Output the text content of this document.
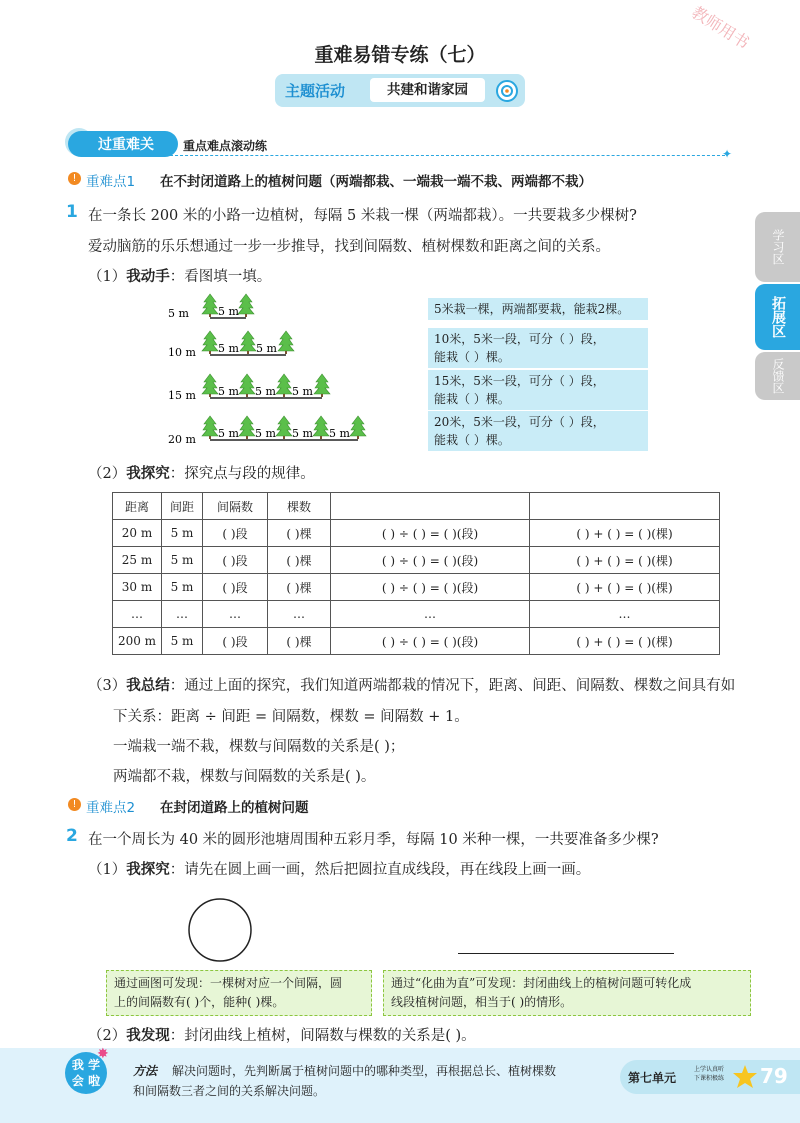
教师用书
重难易错专练（七）
主题活动	共建和谐家园
过重难关 重点难点滚动练
✦
学习区
拓展区
反馈区
! 重难点1 在不封闭道路上的植树问题（两端都栽、一端栽一端不栽、两端都不栽）
1 在一条长 200 米的小路一边植树，每隔 5 米栽一棵（两端都栽）。一共要栽多少棵树?
爱动脑筋的乐乐想通过一步一步推导，找到间隔数、植树棵数和距离之间的关系。
（1）我动手：看图填一填。
5 m	5 m
10 m 5 m 5 m
15 m 5 m 5 m 5 m
20 m 5 m 5 m 5 m 5 m
5米栽一棵，两端都要栽，能栽2棵。
10米，5米一段，可分（ ）段，
能栽（ ）棵。
15米，5米一段，可分（ ）段，
能栽（ ）棵。
20米，5米一段，可分（ ）段，
能栽（ ）棵。
（2）我探究：探究点与段的规律。
距离	间距	间隔数	棵数		
20 m	5 m	( )段	( )棵	( ) ÷ ( ) = ( )(段)	( ) + ( ) = ( )(棵)
25 m	5 m	( )段	( )棵	( ) ÷ ( ) = ( )(段)	( ) + ( ) = ( )(棵)
30 m	5 m	( )段	( )棵	( ) ÷ ( ) = ( )(段)	( ) + ( ) = ( )(棵)
…	…	…	…	…	…
200 m	5 m	( )段	( )棵	( ) ÷ ( ) = ( )(段)	( ) + ( ) = ( )(棵)
（3）我总结：通过上面的探究，我们知道两端都栽的情况下，距离、间距、间隔数、棵数之间具有如
下关系：距离 ÷ 间距 = 间隔数，棵数 = 间隔数 + 1。
一端栽一端不栽，棵数与间隔数的关系是( )；
两端都不栽，棵数与间隔数的关系是( )。
! 重难点2 在封闭道路上的植树问题
2 在一个周长为 40 米的圆形池塘周围种五彩月季，每隔 10 米种一棵，一共要准备多少棵?
（1）我探究：请先在圆上画一画，然后把圆拉直成线段，再在线段上画一画。
通过画图可发现：一棵树对应一个间隔，圆
上的间隔数有( )个，能种( )棵。
通过“化曲为直”可发现：封闭曲线上的植树问题可转化成
线段植树问题，相当于( )的情形。
（2）我发现：封闭曲线上植树，间隔数与棵数的关系是( )。
我 学
会 啦
✸
方法 解决问题时，先判断属于植树问题中的哪种类型，再根据总长、植树棵数
和间隔数三者之间的关系解决问题。
第七单元
上学认真听
下课积极练 79
